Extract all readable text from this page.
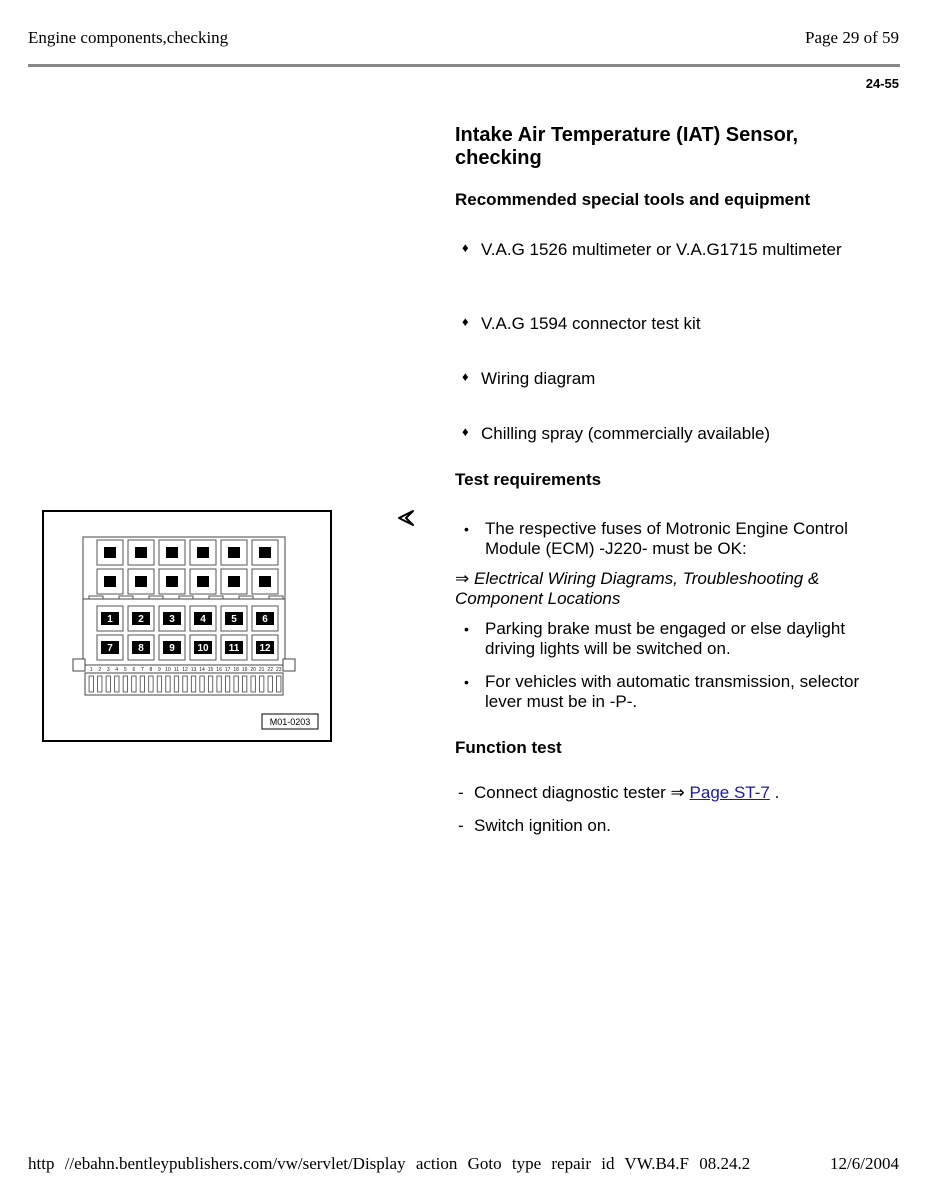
Engine components,checking	Page 29 of 59
24-55
Intake Air Temperature (IAT) Sensor, checking
Recommended special tools and equipment
♦ V.A.G 1526 multimeter or V.A.G1715 multimeter
♦ V.A.G 1594 connector test kit
♦ Wiring diagram
♦ Chilling spray (commercially available)
Test requirements
• The respective fuses of Motronic Engine Control Module (ECM) -J220- must be OK:
⇒ Electrical Wiring Diagrams, Troubleshooting & Component Locations
• Parking brake must be engaged or else daylight driving lights will be switched on.
• For vehicles with automatic transmission, selector lever must be in -P-.
Function test
- Connect diagnostic tester ⇒ Page ST-7 .
- Switch ignition on.
1	2	3	4	5	6
7	8	9 10 11 12
1 2 3 4 5 6 7 8 9 10 11 12 13 14 15 16 17 18 19 20 21 22 23
M01-0203
http //ebahn.bentleypublishers.com/vw/servlet/Display action Goto type repair id VW.B4.F 08.24.2	12/6/2004
